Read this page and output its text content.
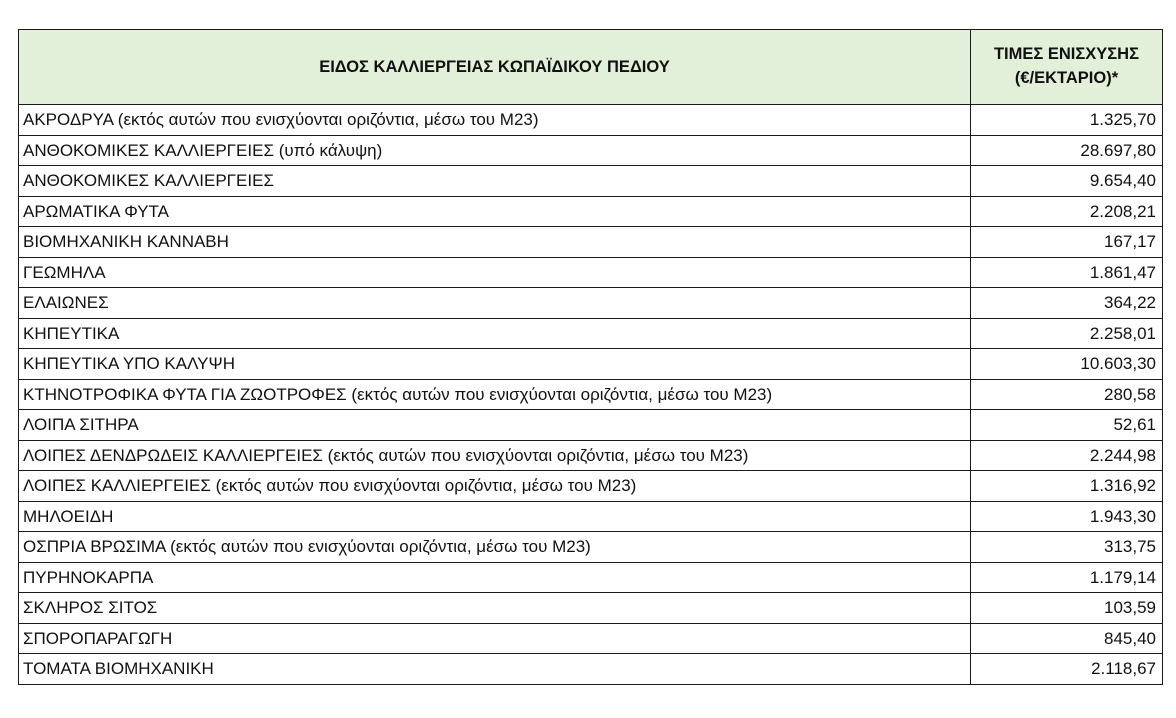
ΕΙΔΟΣ ΚΑΛΛΙΕΡΓΕΙΑΣ ΚΩΠΑΪΔΙΚΟΥ ΠΕΔΙΟΥ	ΤΙΜΕΣ ΕΝΙΣΧΥΣΗΣ
(€/ΕΚΤΑΡΙΟ)*

ΑΚΡΟΔΡΥΑ (εκτός αυτών που ενισχύονται οριζόντια, μέσω του Μ23)	1.325,70
ΑΝΘΟΚΟΜΙΚΕΣ ΚΑΛΛΙΕΡΓΕΙΕΣ (υπό κάλυψη)	28.697,80
ΑΝΘΟΚΟΜΙΚΕΣ ΚΑΛΛΙΕΡΓΕΙΕΣ	9.654,40
ΑΡΩΜΑΤΙΚΑ ΦΥΤΑ	2.208,21
ΒΙΟΜΗΧΑΝΙΚΗ ΚΑΝΝΑΒΗ	167,17
ΓΕΩΜΗΛΑ	1.861,47
ΕΛΑΙΩΝΕΣ	364,22
ΚΗΠΕΥΤΙΚΑ	2.258,01
ΚΗΠΕΥΤΙΚΑ ΥΠΟ ΚΑΛΥΨΗ	10.603,30
ΚΤΗΝΟΤΡΟΦΙΚΑ ΦΥΤΑ ΓΙΑ ΖΩΟΤΡΟΦΕΣ (εκτός αυτών που ενισχύονται οριζόντια, μέσω του Μ23)	280,58
ΛΟΙΠΑ ΣΙΤΗΡΑ	52,61
ΛΟΙΠΕΣ ΔΕΝΔΡΩΔΕΙΣ ΚΑΛΛΙΕΡΓΕΙΕΣ (εκτός αυτών που ενισχύονται οριζόντια, μέσω του Μ23)	2.244,98
ΛΟΙΠΕΣ ΚΑΛΛΙΕΡΓΕΙΕΣ (εκτός αυτών που ενισχύονται οριζόντια, μέσω του Μ23)	1.316,92
ΜΗΛΟΕΙΔΗ	1.943,30
ΟΣΠΡΙΑ ΒΡΩΣΙΜΑ (εκτός αυτών που ενισχύονται οριζόντια, μέσω του Μ23)	313,75
ΠΥΡΗΝΟΚΑΡΠΑ	1.179,14
ΣΚΛΗΡΟΣ ΣΙΤΟΣ	103,59
ΣΠΟΡΟΠΑΡΑΓΩΓΗ	845,40
ΤΟΜΑΤΑ ΒΙΟΜΗΧΑΝΙΚΗ	2.118,67
